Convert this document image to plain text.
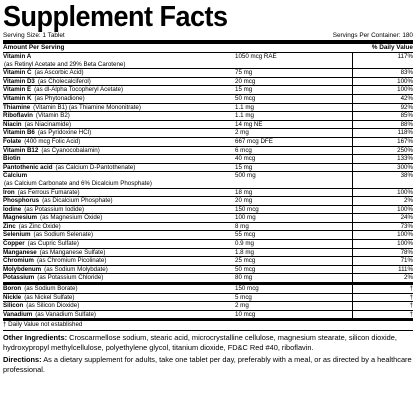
Supplement Facts
Serving Size: 1 Tablet	Servings Per Container: 180
Amount Per Serving	% Daily Value
Vitamin A
(as Retinyl Acetate and 29% Beta Carotene)
1050 mcg RAE	117%
Vitamin C (as Ascorbic Acid)	75 mg	83%
Vitamin D3 (as Cholecalciferol)	20 mcg	100%
Vitamin E (as dl-Alpha Tocopheryl Acetate)	15 mg	100%
Vitamin K (as Phytonadione)	50 mcg	42%
Thiamine (Vitamin B1) (as Thiamine Mononitrate)	1.1 mg	92%
Riboflavin (Vitamin B2)	1.1 mg	85%
Niacin (as Niacinamide)	14 mg NE	88%
Vitamin B6 (as Pyridoxine HCl)	2 mg	118%
Folate (400 mcg Folic Acid)	667 mcg DFE	167%
Vitamin B12 (as Cyanocobalamin)	6 mcg	250%
Biotin	40 mcg	133%
Pantothenic acid (as Calcium D-Pantothenate)	15 mg	300%
Calcium
(as Calcium Carbonate and 6% Dicalcium Phosphate)
500 mg	38%
Iron (as Ferrous Fumarate)	18 mg	100%
Phosphorus (as Dicalcium Phosphate)	20 mg	2%
Iodine (as Potassium Iodide)	150 mcg	100%
Magnesium (as Magnesium Oxide)	100 mg	24%
Zinc (as Zinc Oxide)	8 mg	73%
Selenium (as Sodium Selenate)	55 mcg	100%
Copper (as Cupric Sulfate)	0.9 mg	100%
Manganese (as Manganese Sulfate)	1.8 mg	78%
Chromium (as Chromium Picolinate)	25 mcg	71%
Molybdenum (as Sodium Molybdate)	50 mcg	111%
Potassium (as Potassium Chloride)	80 mg	2%
Boron (as Sodium Borate)	150 mcg	†
Nickle (as Nickel Sulfate)	5 mcg	†
Silicon (as Silicon Dioxide)	2 mg	†
Vanadium (as Vanadium Sulfate)	10 mcg	†
† Daily Value not established
Other Ingredients: Croscarmellose sodium, stearic acid, microcrystalline cellulose, magnesium stearate, silicon dioxide, hydroxypropyl methylcellulose, polyethylene glycol, titanium dioxide, FD&C Red #40, riboflavin.
Directions: As a dietary supplement for adults, take one tablet per day, preferably with a meal, or as directed by a healthcare professional.
